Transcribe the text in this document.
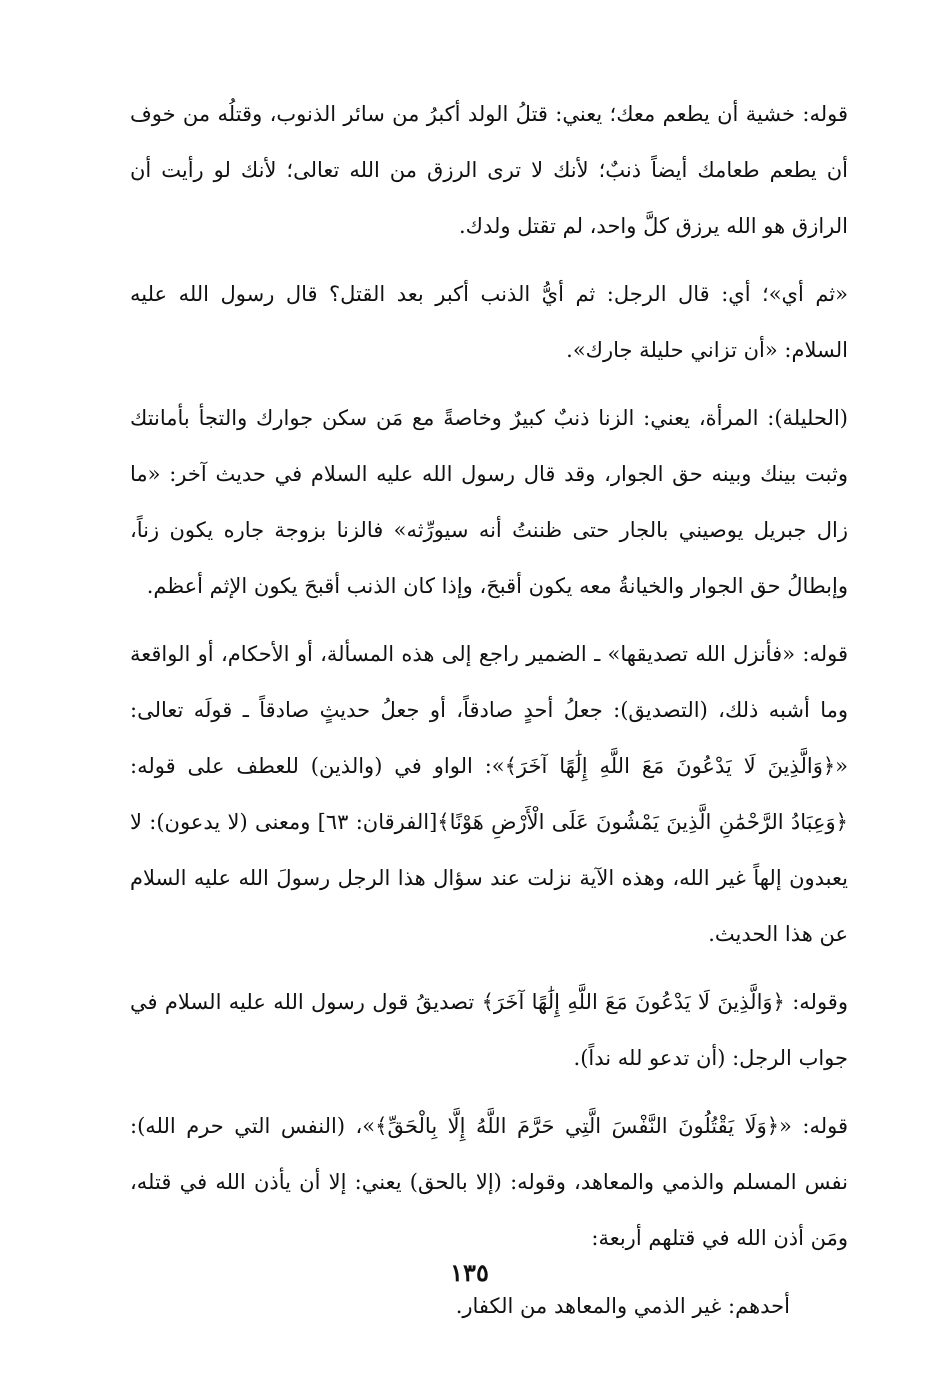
قوله: خشية أن يطعم معك؛ يعني: قتلُ الولد أكبرُ من سائر الذنوب، وقتلُه من خوف أن يطعم طعامك أيضاً ذنبٌ؛ لأنك لا ترى الرزق من الله تعالى؛ لأنك لو رأيت أن الرازق هو الله يرزق كلَّ واحد، لم تقتل ولدك.

«ثم أي»؛ أي: قال الرجل: ثم أيُّ الذنب أكبر بعد القتل؟ قال رسول الله عليه السلام: «أن تزاني حليلة جارك».

(الحليلة): المرأة، يعني: الزنا ذنبٌ كبيرٌ وخاصةً مع مَن سكن جوارك والتجأ بأمانتك وثبت بينك وبينه حق الجوار، وقد قال رسول الله عليه السلام في حديث آخر: «ما زال جبريل يوصيني بالجار حتى ظننتُ أنه سيورِّثه» فالزنا بزوجة جاره يكون زناً، وإبطالُ حق الجوار والخيانةُ معه يكون أقبحَ، وإذا كان الذنب أقبحَ يكون الإثم أعظم.

قوله: «فأنزل الله تصديقها» ـ الضمير راجع إلى هذه المسألة، أو الأحكام، أو الواقعة وما أشبه ذلك، (التصديق): جعلُ أحدٍ صادقاً، أو جعلُ حديثٍ صادقاً ـ قولَه تعالى: «﴿وَالَّذِينَ لَا يَدْعُونَ مَعَ اللَّهِ إِلَٰهًا آخَرَ﴾»: الواو في (والذين) للعطف على قوله: ﴿وَعِبَادُ الرَّحْمَٰنِ الَّذِينَ يَمْشُونَ عَلَى الْأَرْضِ هَوْنًا﴾[الفرقان: ٦٣] ومعنى (لا يدعون): لا يعبدون إلهاً غير الله، وهذه الآية نزلت عند سؤال هذا الرجل رسولَ الله عليه السلام عن هذا الحديث.

وقوله: ﴿وَالَّذِينَ لَا يَدْعُونَ مَعَ اللَّهِ إِلَٰهًا آخَرَ﴾ تصديقُ قول رسول الله عليه السلام في جواب الرجل: (أن تدعو لله نداً).

قوله: «﴿وَلَا يَقْتُلُونَ النَّفْسَ الَّتِي حَرَّمَ اللَّهُ إِلَّا بِالْحَقِّ﴾»، (النفس التي حرم الله): نفس المسلم والذمي والمعاهد، وقوله: (إلا بالحق) يعني: إلا أن يأذن الله في قتله، ومَن أذن الله في قتلهم أربعة:

أحدهم: غير الذمي والمعاهد من الكفار.

١٣٥
